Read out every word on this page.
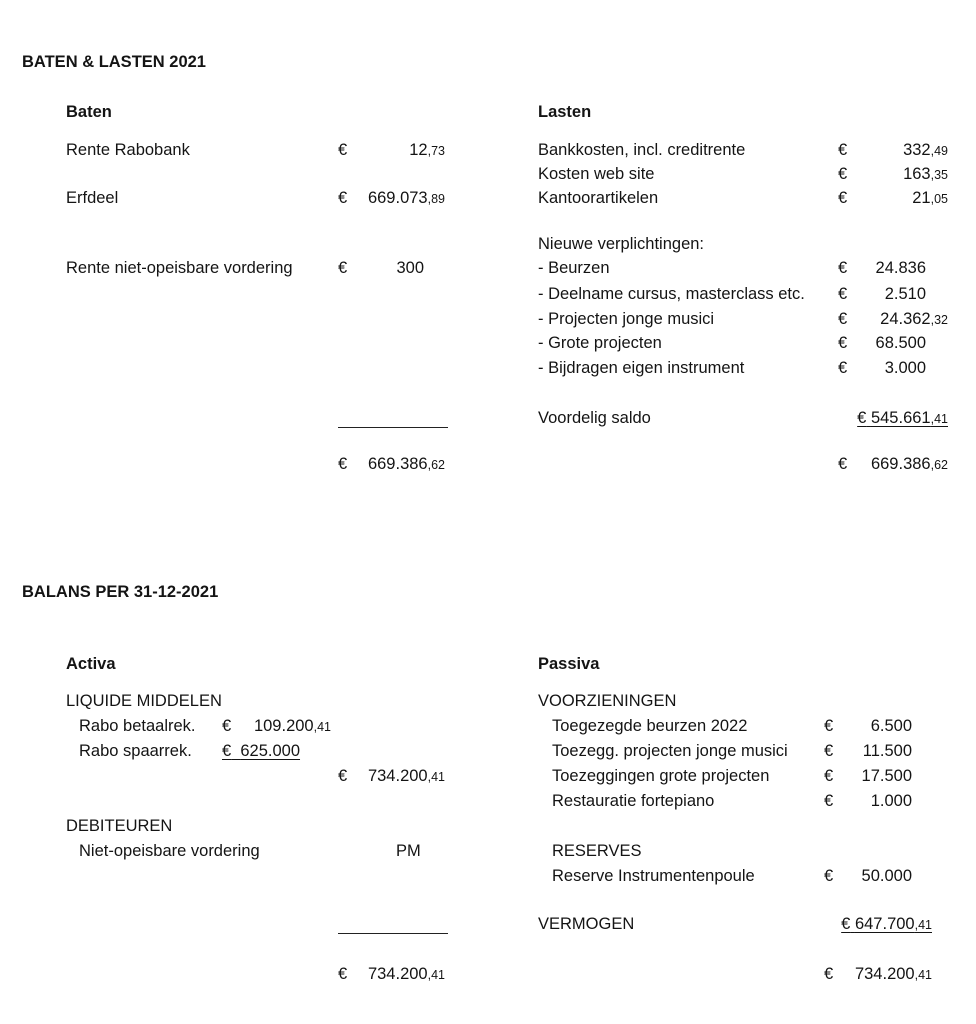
BATEN & LASTEN 2021
Baten
Rente Rabobank	€	12,73
Erfdeel	€ 669.073,89
Rente niet-opeisbare vordering	€	300
€ 669.386,62
Lasten
Bankkosten, incl. creditrente	€	332,49
Kosten web site	€	163,35
Kantoorartikelen	€	21,05
Nieuwe verplichtingen:
- Beurzen	€ 24.836
- Deelname cursus, masterclass etc. € 2.510
- Projecten jonge musici	€ 24.362,32
- Grote projecten	€ 68.500
- Bijdragen eigen instrument	€ 3.000
Voordelig saldo	€ 545.661,41
€ 669.386,62
BALANS PER 31-12-2021
Activa
LIQUIDE MIDDELEN
Rabo betaalrek. € 109.200,41
Rabo spaarrek. € 625.000
€ 734.200,41
DEBITEUREN
Niet-opeisbare vordering	PM
€ 734.200,41
Passiva
VOORZIENINGEN
Toegezegde beurzen 2022	€ 6.500
Toezegg. projecten jonge musici € 11.500
Toezeggingen grote projecten	€ 17.500
Restauratie fortepiano	€ 1.000
RESERVES
Reserve Instrumentenpoule	€ 50.000
VERMOGEN	€ 647.700,41
€ 734.200,41
